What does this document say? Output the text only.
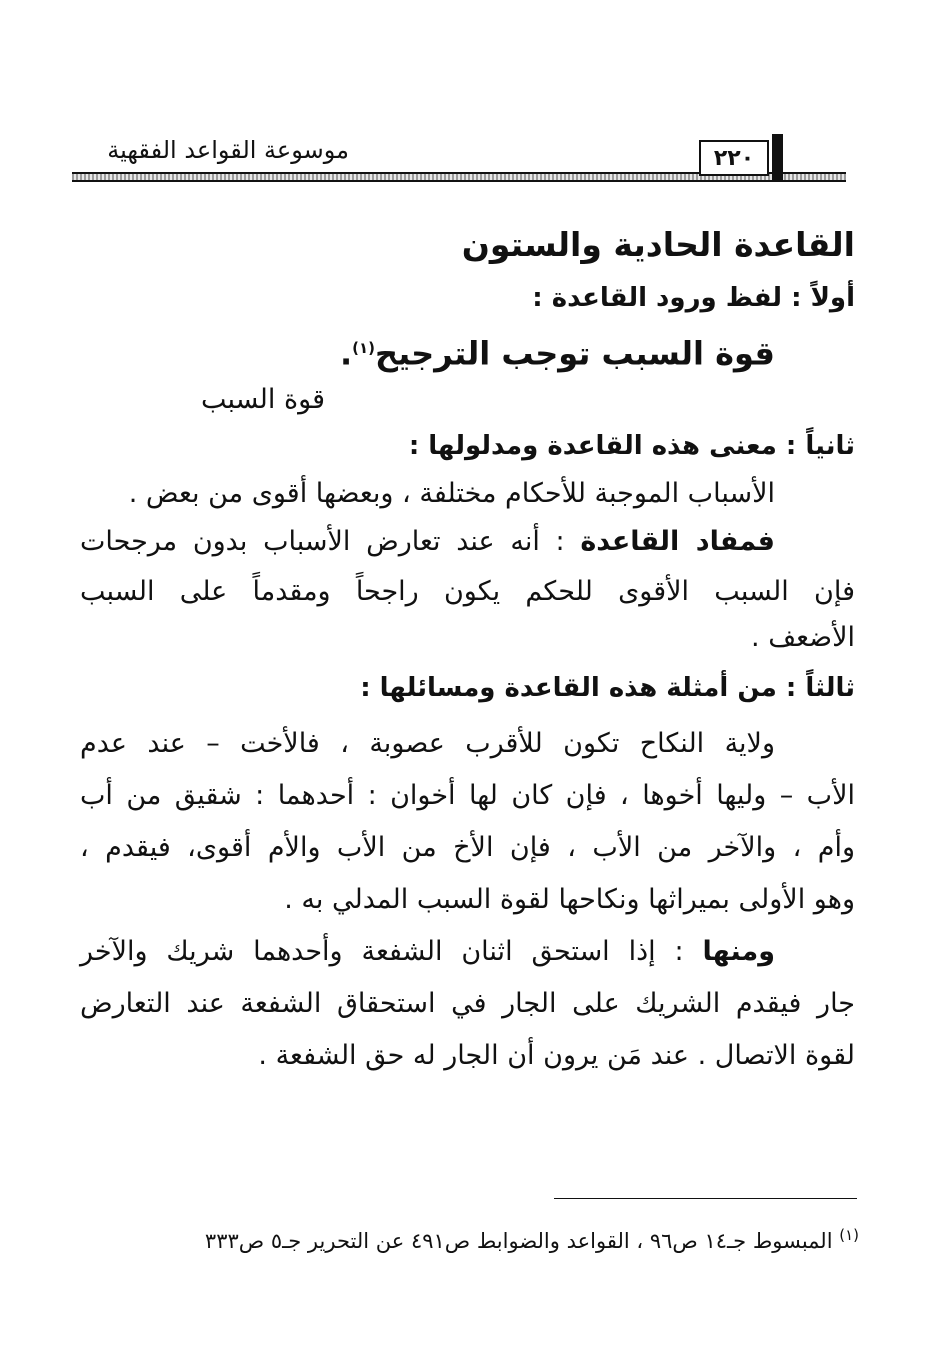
موسوعة القواعد الفقهية	٢٢٠
القاعدة الحادية والستون
أولاً : لفظ ورود القاعدة :
قوة السبب توجب الترجيح$^{(١)}$.
قوة السبب
ثانياً : معنى هذه القاعدة ومدلولها :
الأسباب الموجبة للأحكام مختلفة ، وبعضها أقوى من بعض .
فمفاد القاعدة : أنه عند تعارض الأسباب بدون مرجحات
فإن السبب الأقوى للحكم يكون راجحاً ومقدماً على السبب
الأضعف .
ثالثاً : من أمثلة هذه القاعدة ومسائلها :
ولاية النكاح تكون للأقرب عصوبة ، فالأخت – عند عدم
الأب – وليها أخوها ، فإن كان لها أخوان : أحدهما : شقيق من أب
وأم ، والآخر من الأب ، فإن الأخ من الأب والأم أقوى، فيقدم ،
وهو الأولى بميراثها ونكاحها لقوة السبب المدلي به .
ومنها : إذا استحق اثنان الشفعة وأحدهما شريك والآخر
جار فيقدم الشريك على الجار في استحقاق الشفعة عند التعارض
لقوة الاتصال . عند مَن يرون أن الجار له حق الشفعة .
$^{(١)}$ المبسوط جـ١٤ ص٩٦ ، القواعد والضوابط ص٤٩١ عن التحرير جـ٥ ص٣٣٣
